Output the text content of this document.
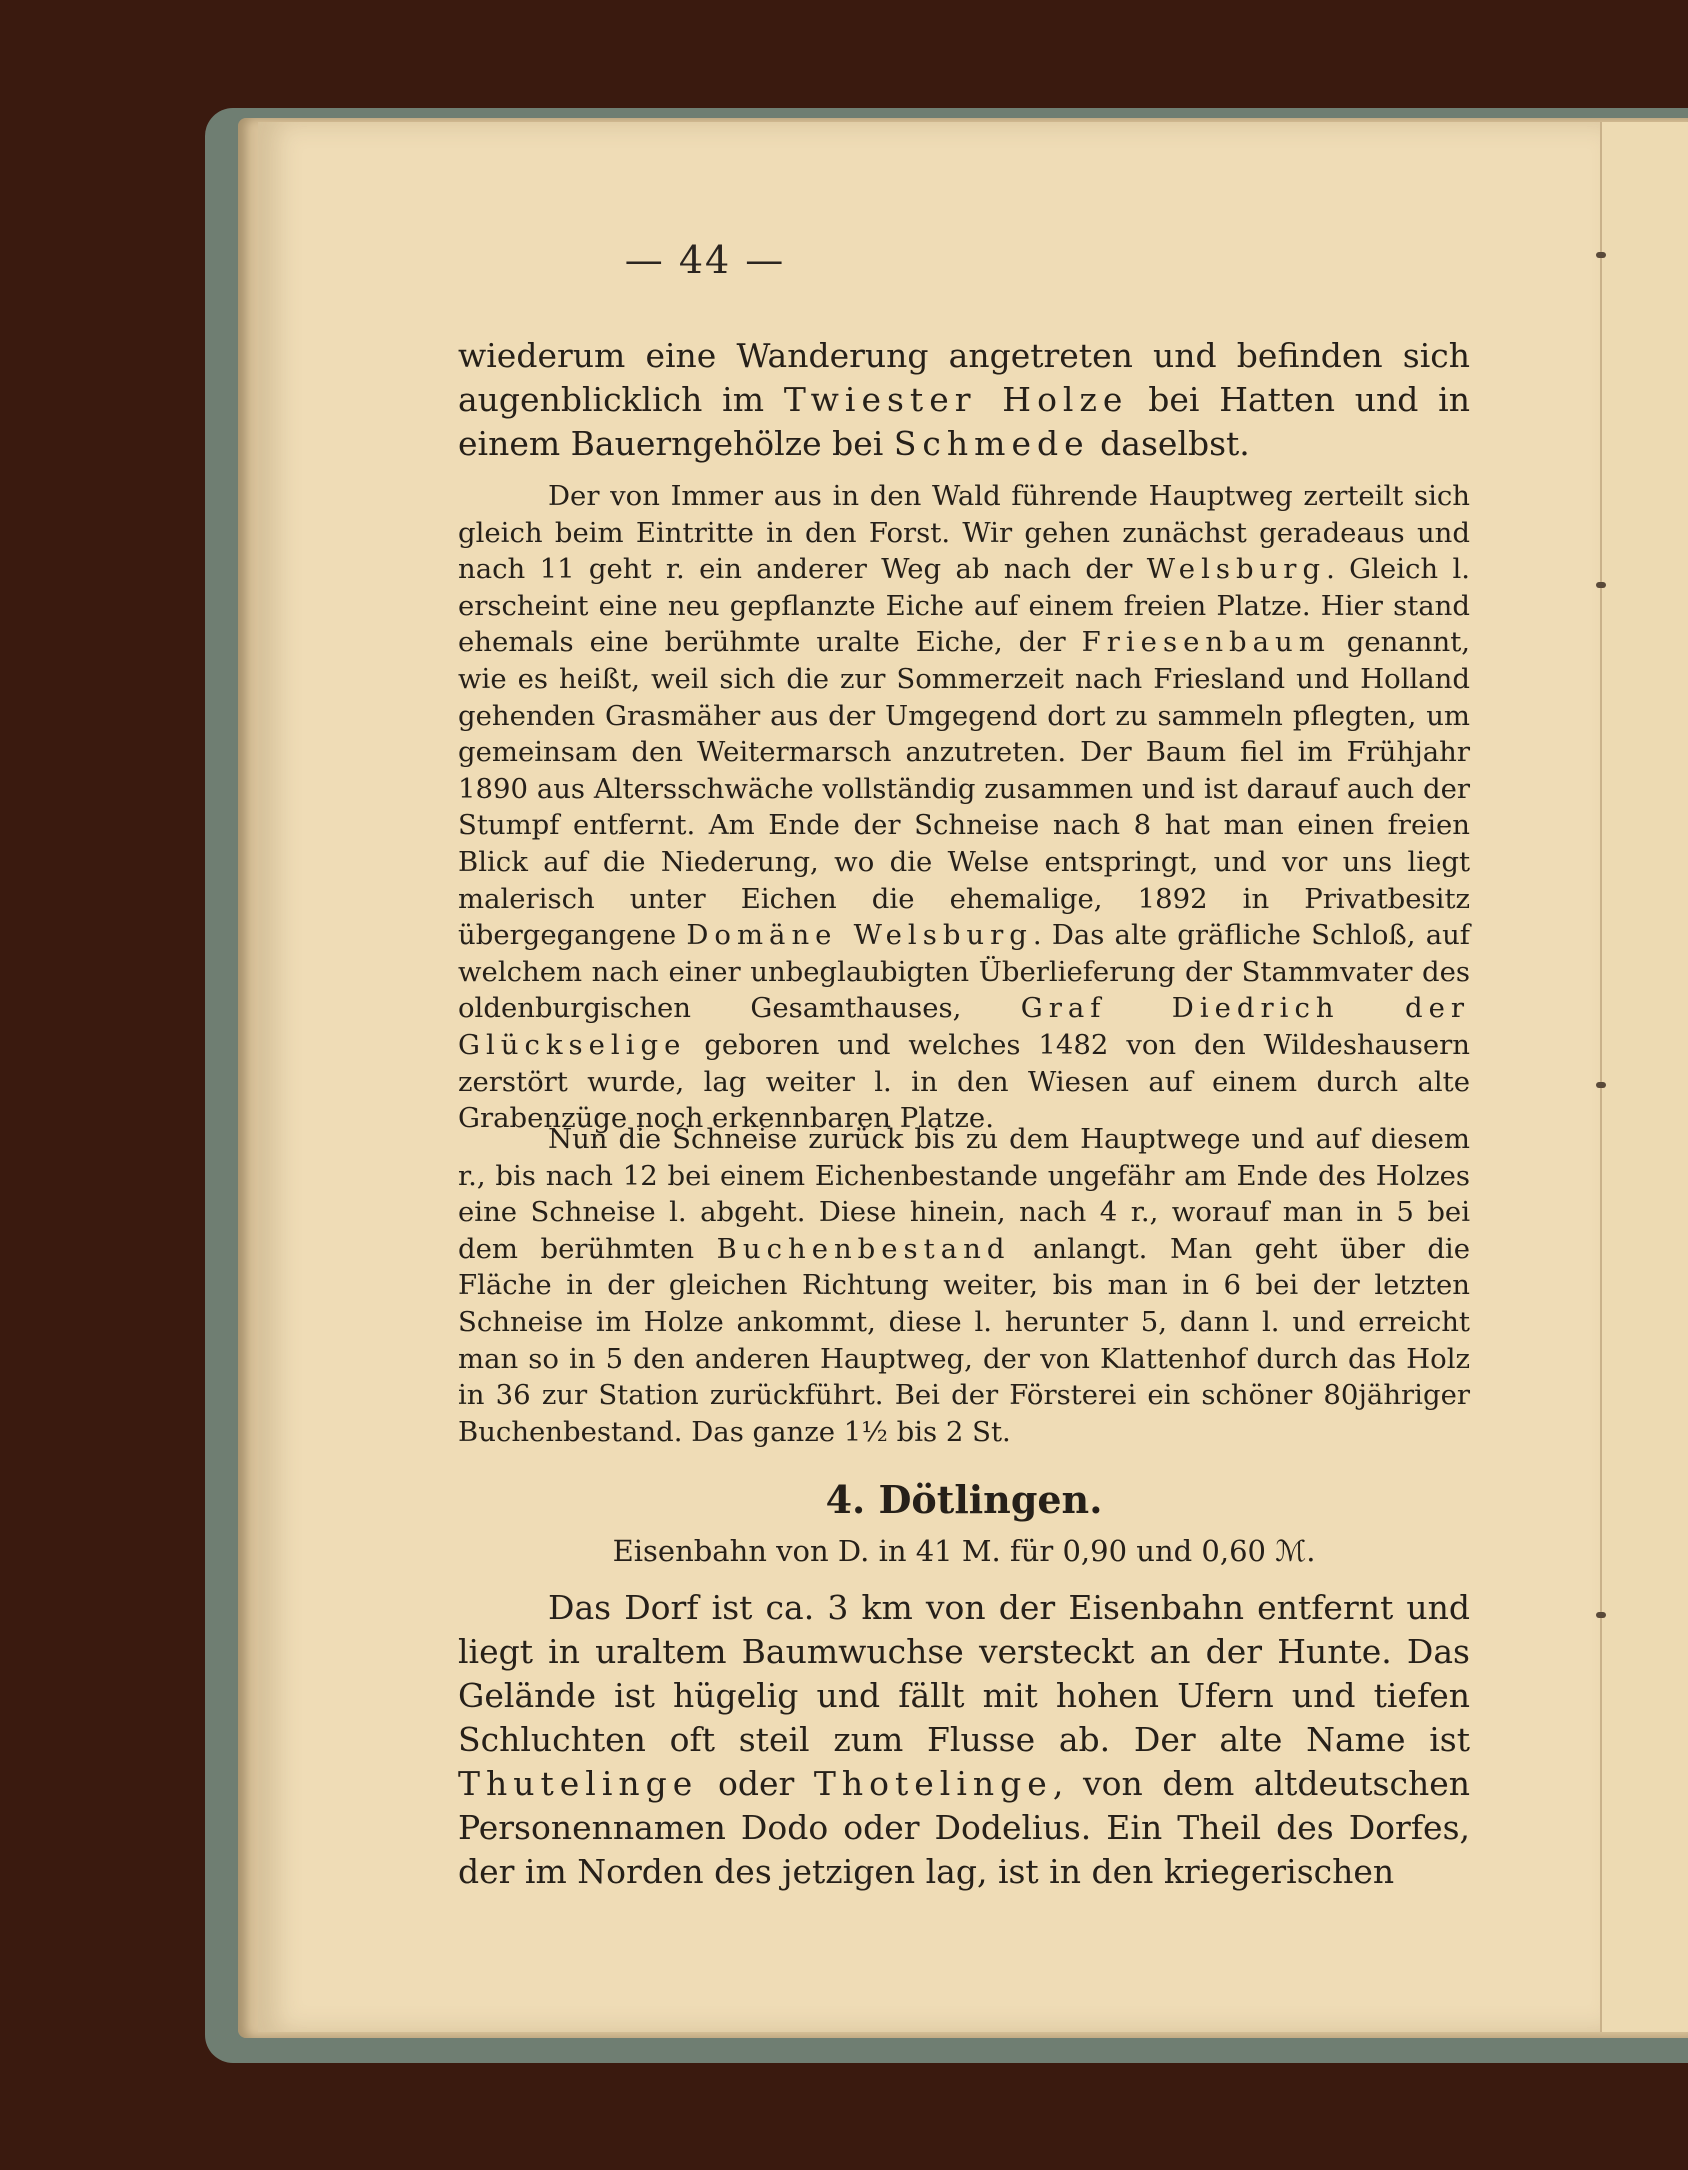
— 44 —

wiederum eine Wanderung angetreten und befinden sich augenblicklich im Twiester Holze bei Hatten und in einem Bauerngehölze bei Schmede daselbst.

Der von Immer aus in den Wald führende Hauptweg zerteilt sich gleich beim Eintritte in den Forst. Wir gehen zunächst geradeaus und nach 11 geht r. ein anderer Weg ab nach der Welsburg. Gleich l. erscheint eine neu gepflanzte Eiche auf einem freien Platze. Hier stand ehemals eine berühmte uralte Eiche, der Friesenbaum genannt, wie es heißt, weil sich die zur Sommerzeit nach Friesland und Holland gehenden Grasmäher aus der Umgegend dort zu sammeln pflegten, um gemeinsam den Weitermarsch anzutreten. Der Baum fiel im Frühjahr 1890 aus Altersschwäche vollständig zusammen und ist darauf auch der Stumpf entfernt. Am Ende der Schneise nach 8 hat man einen freien Blick auf die Niederung, wo die Welse entspringt, und vor uns liegt malerisch unter Eichen die ehemalige, 1892 in Privatbesitz übergegangene Domäne Welsburg. Das alte gräfliche Schloß, auf welchem nach einer unbeglaubigten Überlieferung der Stammvater des oldenburgischen Gesamthauses, Graf Diedrich der Glückselige geboren und welches 1482 von den Wildeshausern zerstört wurde, lag weiter l. in den Wiesen auf einem durch alte Grabenzüge noch erkennbaren Platze.

Nun die Schneise zurück bis zu dem Hauptwege und auf diesem r., bis nach 12 bei einem Eichenbestande ungefähr am Ende des Holzes eine Schneise l. abgeht. Diese hinein, nach 4 r., worauf man in 5 bei dem berühmten Buchenbestand anlangt. Man geht über die Fläche in der gleichen Richtung weiter, bis man in 6 bei der letzten Schneise im Holze ankommt, diese l. herunter 5, dann l. und erreicht man so in 5 den anderen Hauptweg, der von Klattenhof durch das Holz in 36 zur Station zurückführt. Bei der Försterei ein schöner 80jähriger Buchenbestand. Das ganze 1½ bis 2 St.

4. Dötlingen.
Eisenbahn von D. in 41 M. für 0,90 und 0,60 ℳ.

Das Dorf ist ca. 3 km von der Eisenbahn entfernt und liegt in uraltem Baumwuchse versteckt an der Hunte. Das Gelände ist hügelig und fällt mit hohen Ufern und tiefen Schluchten oft steil zum Flusse ab. Der alte Name ist Thutelinge oder Thotelinge, von dem altdeutschen Personennamen Dodo oder Dodelius. Ein Theil des Dorfes, der im Norden des jetzigen lag, ist in den kriegerischen
